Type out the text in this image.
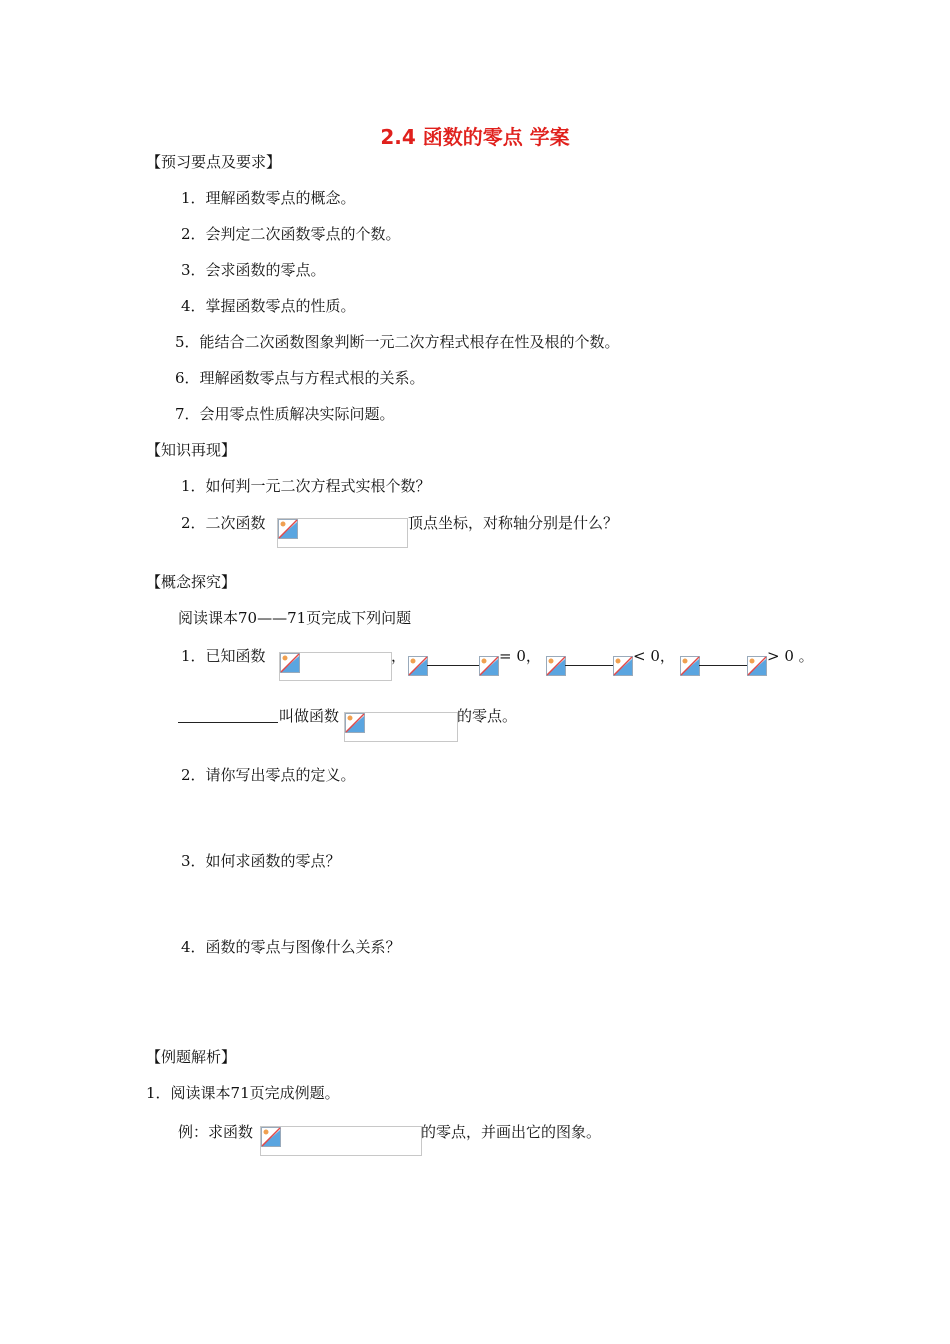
2.4 函数的零点 学案
【预习要点及要求】
1．理解函数零点的概念。
2．会判定二次函数零点的个数。
3．会求函数的零点。
4．掌握函数零点的性质。
5．能结合二次函数图象判断一元二次方程式根存在性及根的个数。
6．理解函数零点与方程式根的关系。
7．会用零点性质解决实际问题。
【知识再现】
1．如何判一元二次方程式实根个数？
2．二次函数	顶点坐标，对称轴分别是什么？
【概念探究】
阅读课本70——71页完成下列问题
1．已知函数	，	= 0，	< 0，	> 0 。
叫做函数	的零点。
2．请你写出零点的定义。
3．如何求函数的零点？
4．函数的零点与图像什么关系？
【例题解析】
1．阅读课本71页完成例题。
例：求函数	的零点，并画出它的图象。
